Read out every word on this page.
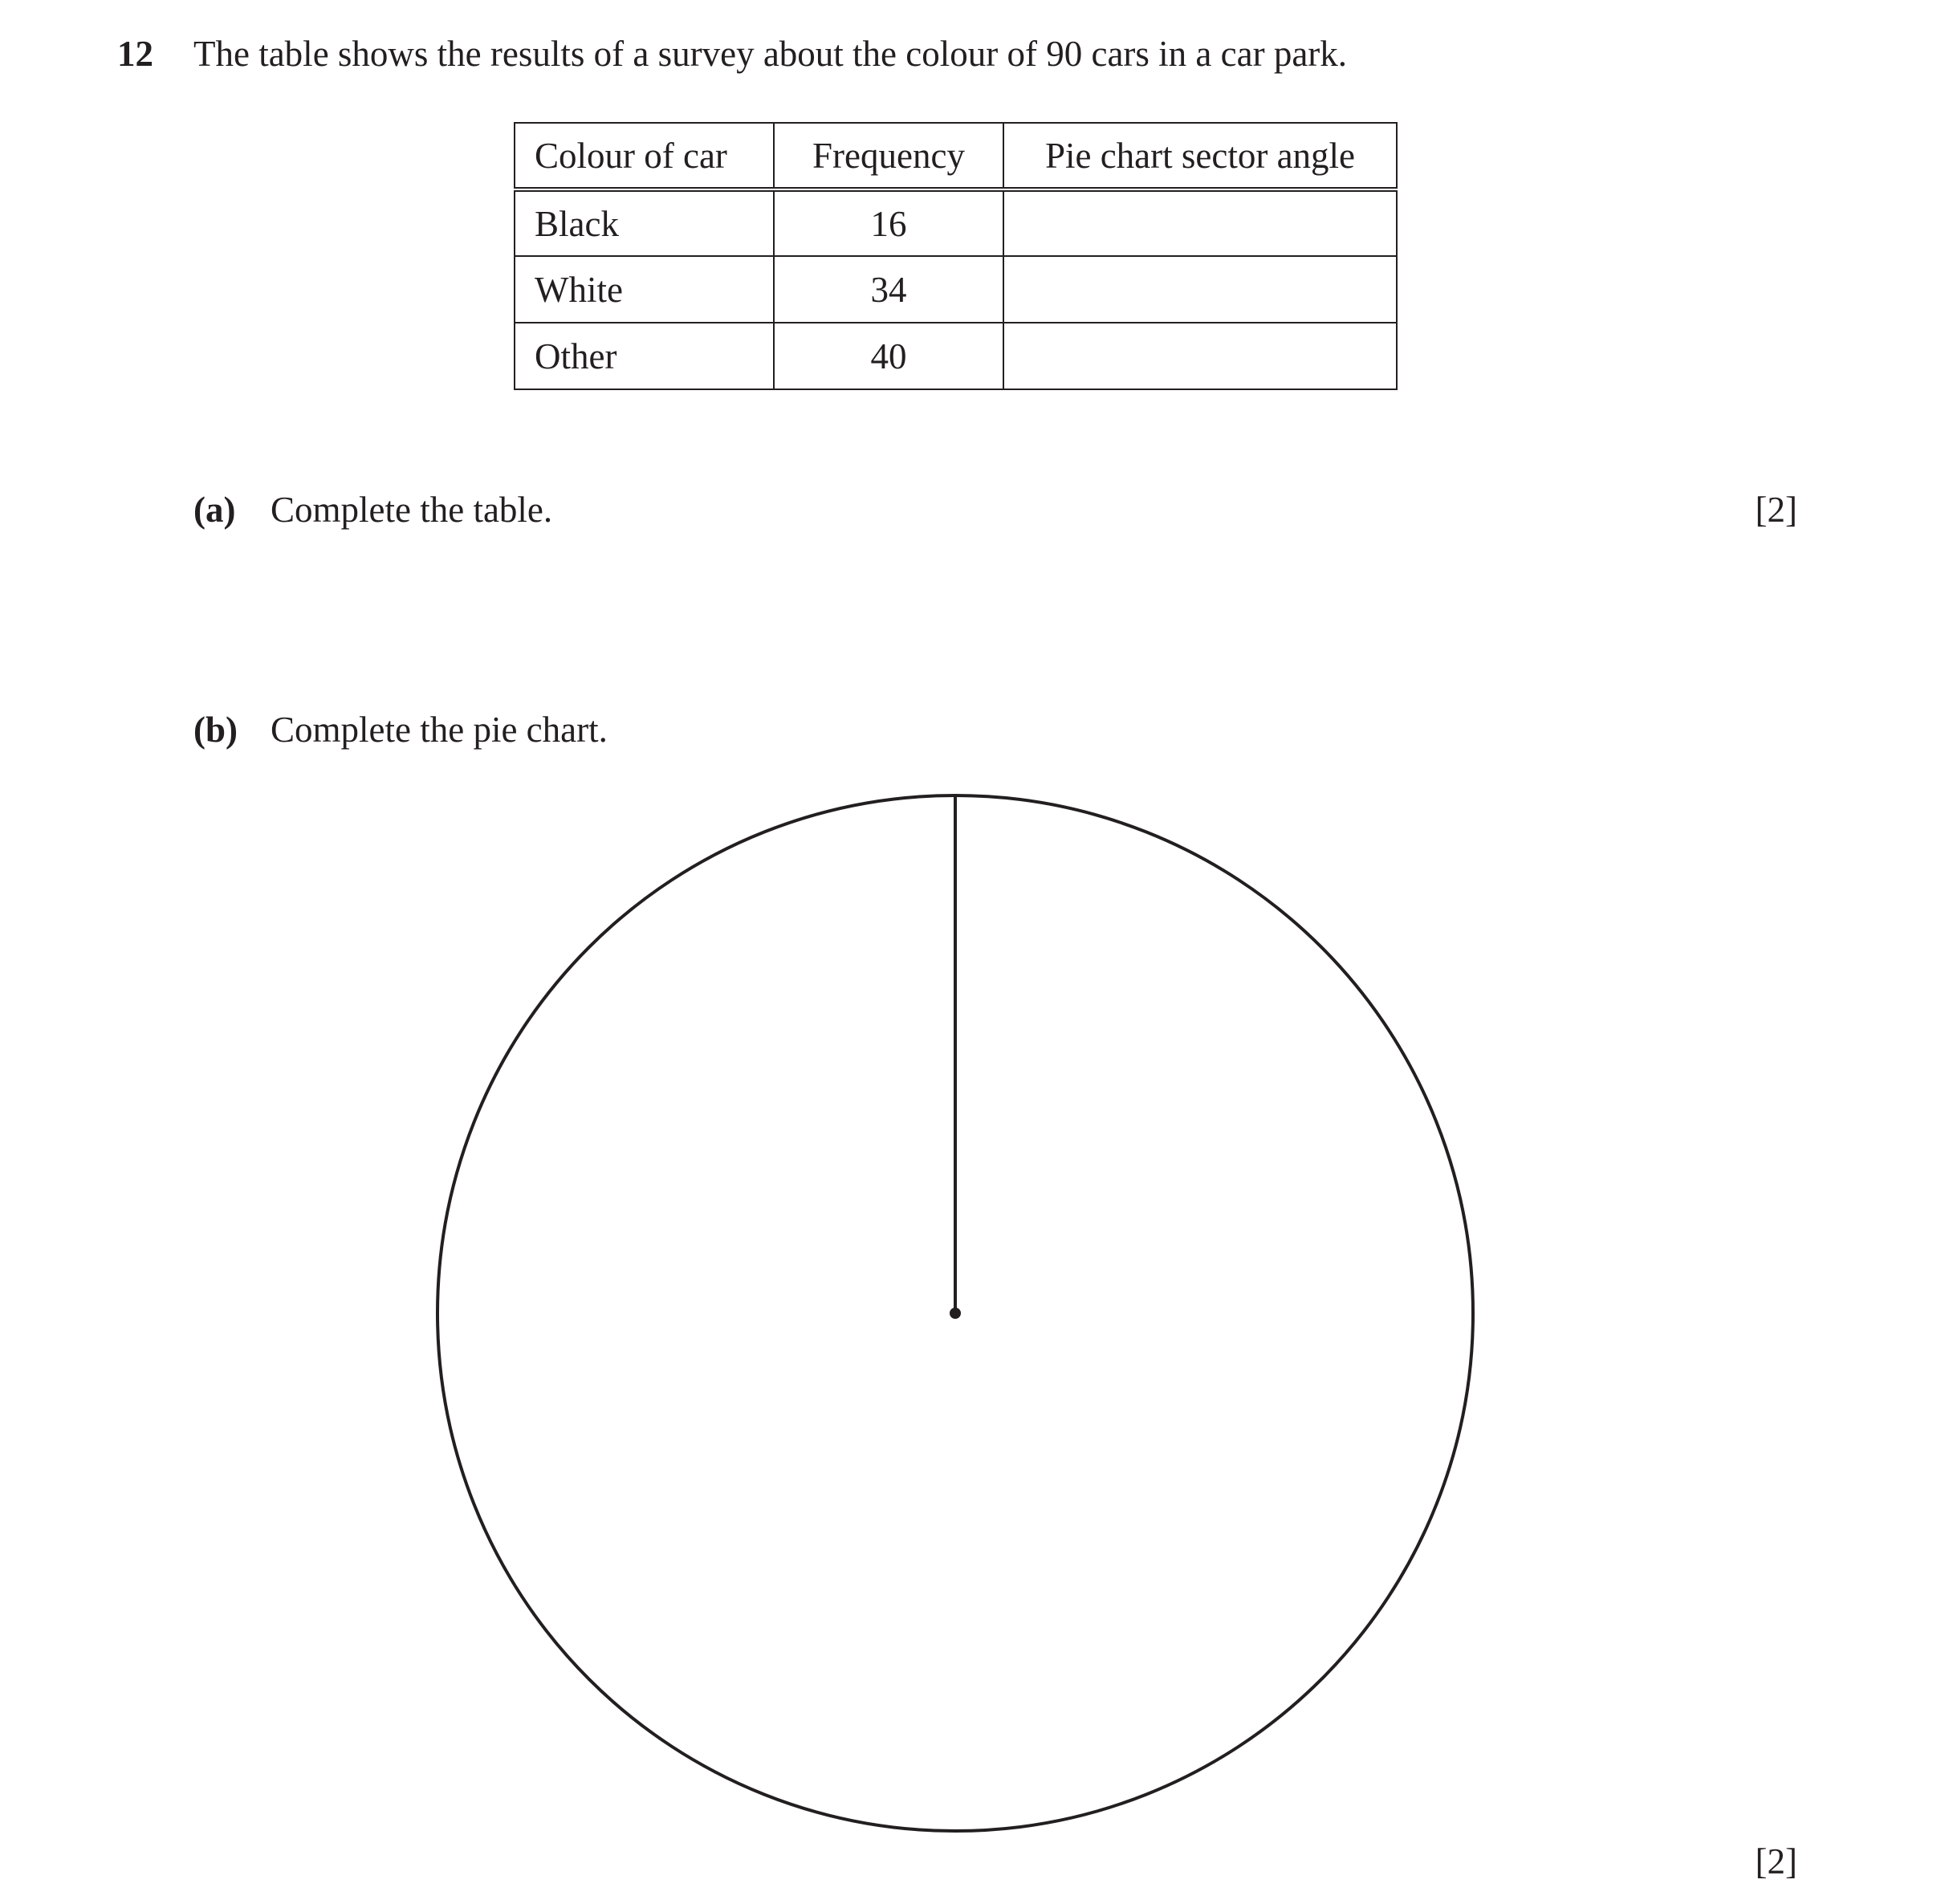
12 The table shows the results of a survey about the colour of 90 cars in a car park.
Colour of car	Frequency	Pie chart sector angle
Black	16	
White	34	
Other	40	
(a) Complete the table.	[2]
(b) Complete the pie chart.
[2]
